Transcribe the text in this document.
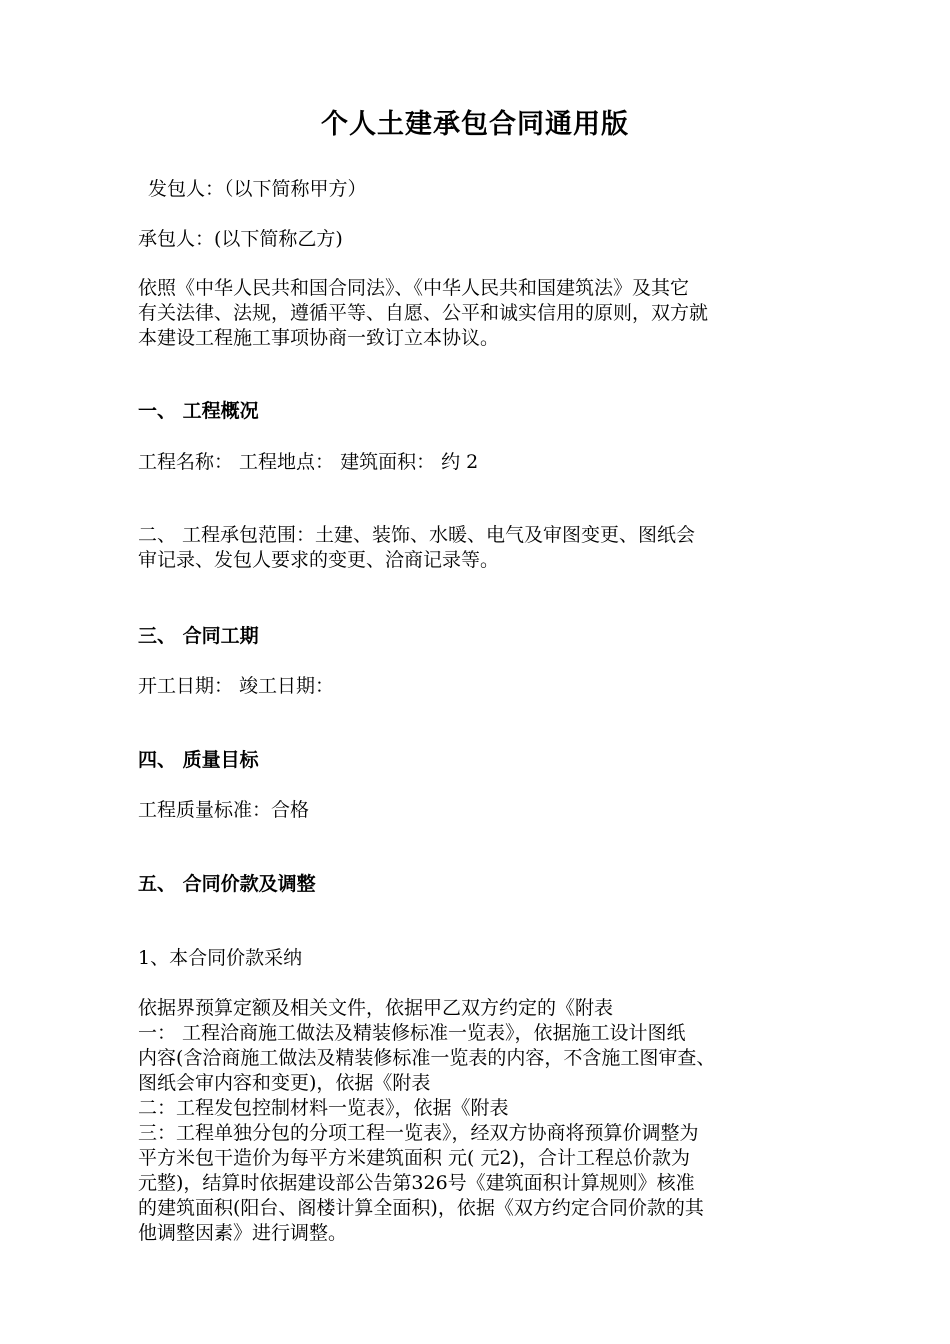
个人土建承包合同通用版
发包人：（以下简称甲方）
承包人：(以下简称乙方)
依照《中华人民共和国合同法》、《中华人民共和国建筑法》及其它
有关法律、法规，遵循平等、自愿、公平和诚实信用的原则，双方就
本建设工程施工事项协商一致订立本协议。
一、 工程概况
工程名称： 工程地点： 建筑面积： 约 2
二、 工程承包范围：土建、装饰、水暖、电气及审图变更、图纸会
审记录、发包人要求的变更、洽商记录等。
三、 合同工期
开工日期： 竣工日期：
四、 质量目标
工程质量标准：合格
五、 合同价款及调整
1、本合同价款采纳
依据界预算定额及相关文件，依据甲乙双方约定的《附表
一： 工程洽商施工做法及精装修标准一览表》，依据施工设计图纸
内容(含洽商施工做法及精装修标准一览表的内容，不含施工图审查、
图纸会审内容和变更)，依据《附表
二：工程发包控制材料一览表》，依据《附表
三：工程单独分包的分项工程一览表》，经双方协商将预算价调整为
平方米包干造价为每平方米建筑面积 元( 元2)，合计工程总价款为
元整)，结算时依据建设部公告第326号《建筑面积计算规则》核准
的建筑面积(阳台、阁楼计算全面积)，依据《双方约定合同价款的其
他调整因素》进行调整。
